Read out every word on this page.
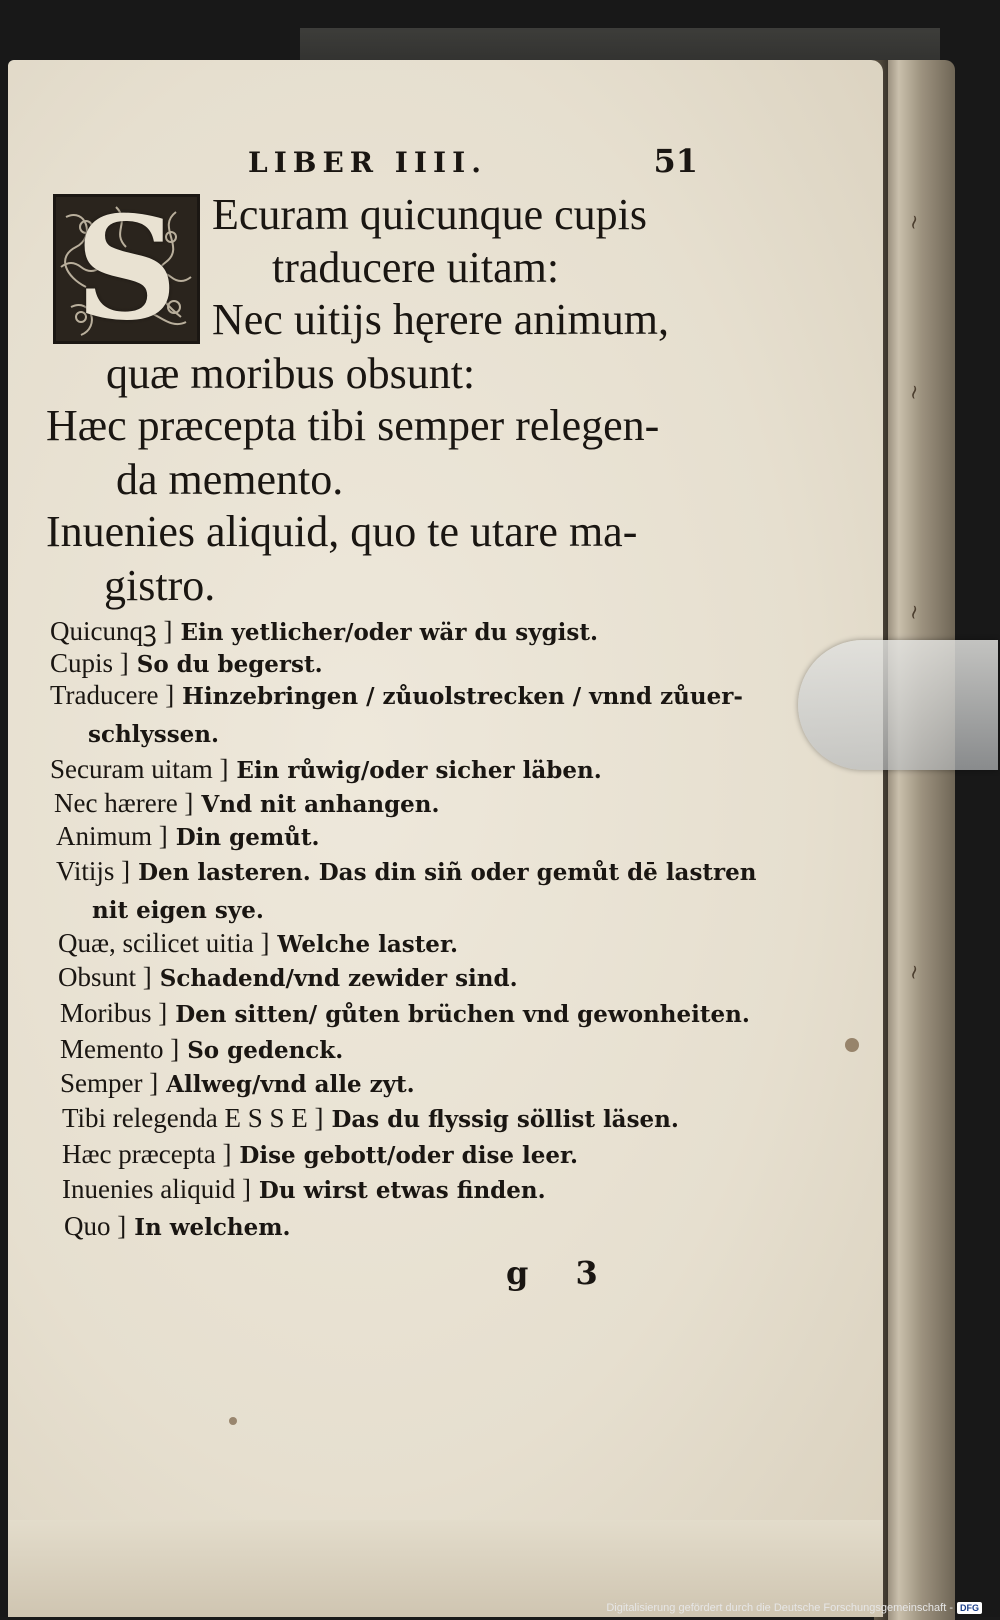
~
~
~
~
LIBER IIII.	51
S Ecuram quicunque cupis
traducere uitam:
Nec uitijs hęrere animum,
quæ moribus obsunt:
Hæc præcepta tibi semper relegen-
da memento.
Inuenies aliquid, quo te utare ma-
gistro.
Quicunqꝫ ] Ein yetlicher/oder wär du sygist.
Cupis ] So du begerst.
Traducere ] Hinzebringen / zůuolstrecken / vnnd zůuer-
schlyssen.
Securam uitam ] Ein růwig/oder sicher läben.
Nec hærere ] Vnd nit anhangen.
Animum ] Din gemůt.
Vitijs ] Den lasteren. Das din siñ oder gemůt dē lastren
nit eigen sye.
Quæ, scilicet uitia ] Welche laster.
Obsunt ] Schadend/vnd zewider sind.
Moribus ] Den sitten/ gůten brüchen vnd gewonheiten.
Memento ] So gedenck.
Semper ] Allweg/vnd alle zyt.
Tibi relegenda E S S E ] Das du flyssig söllist läsen.
Hæc præcepta ] Dise gebott/oder dise leer.
Inuenies aliquid ] Du wirst etwas finden.
Quo ] In welchem.
g 3
Digitalisierung gefördert durch die Deutsche Forschungsgemeinschaft - DFG
